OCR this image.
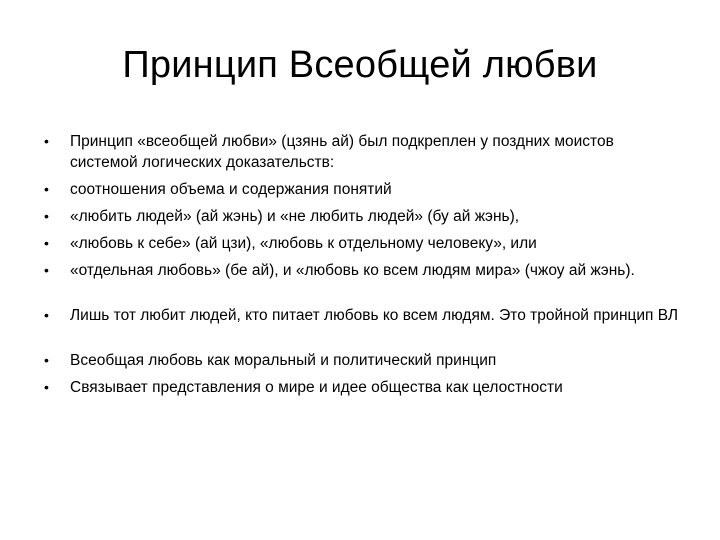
Принцип Всеобщей любви
• Принцип «всеобщей любви» (цзянь ай) был подкреплен у поздних моистов системой логических доказательств:
• соотношения объема и содержания понятий
• «любить людей» (ай жэнь) и «не любить людей» (бу ай жэнь),
• «любовь к себе» (ай цзи), «любовь к отдельному человеку», или
• «отдельная любовь» (бе ай), и «любовь ко всем людям мира» (чжоу ай жэнь).
• Лишь тот любит людей, кто питает любовь ко всем людям. Это тройной принцип ВЛ
• Всеобщая любовь как моральный и политический принцип
• Связывает представления о мире и идее общества как целостности
